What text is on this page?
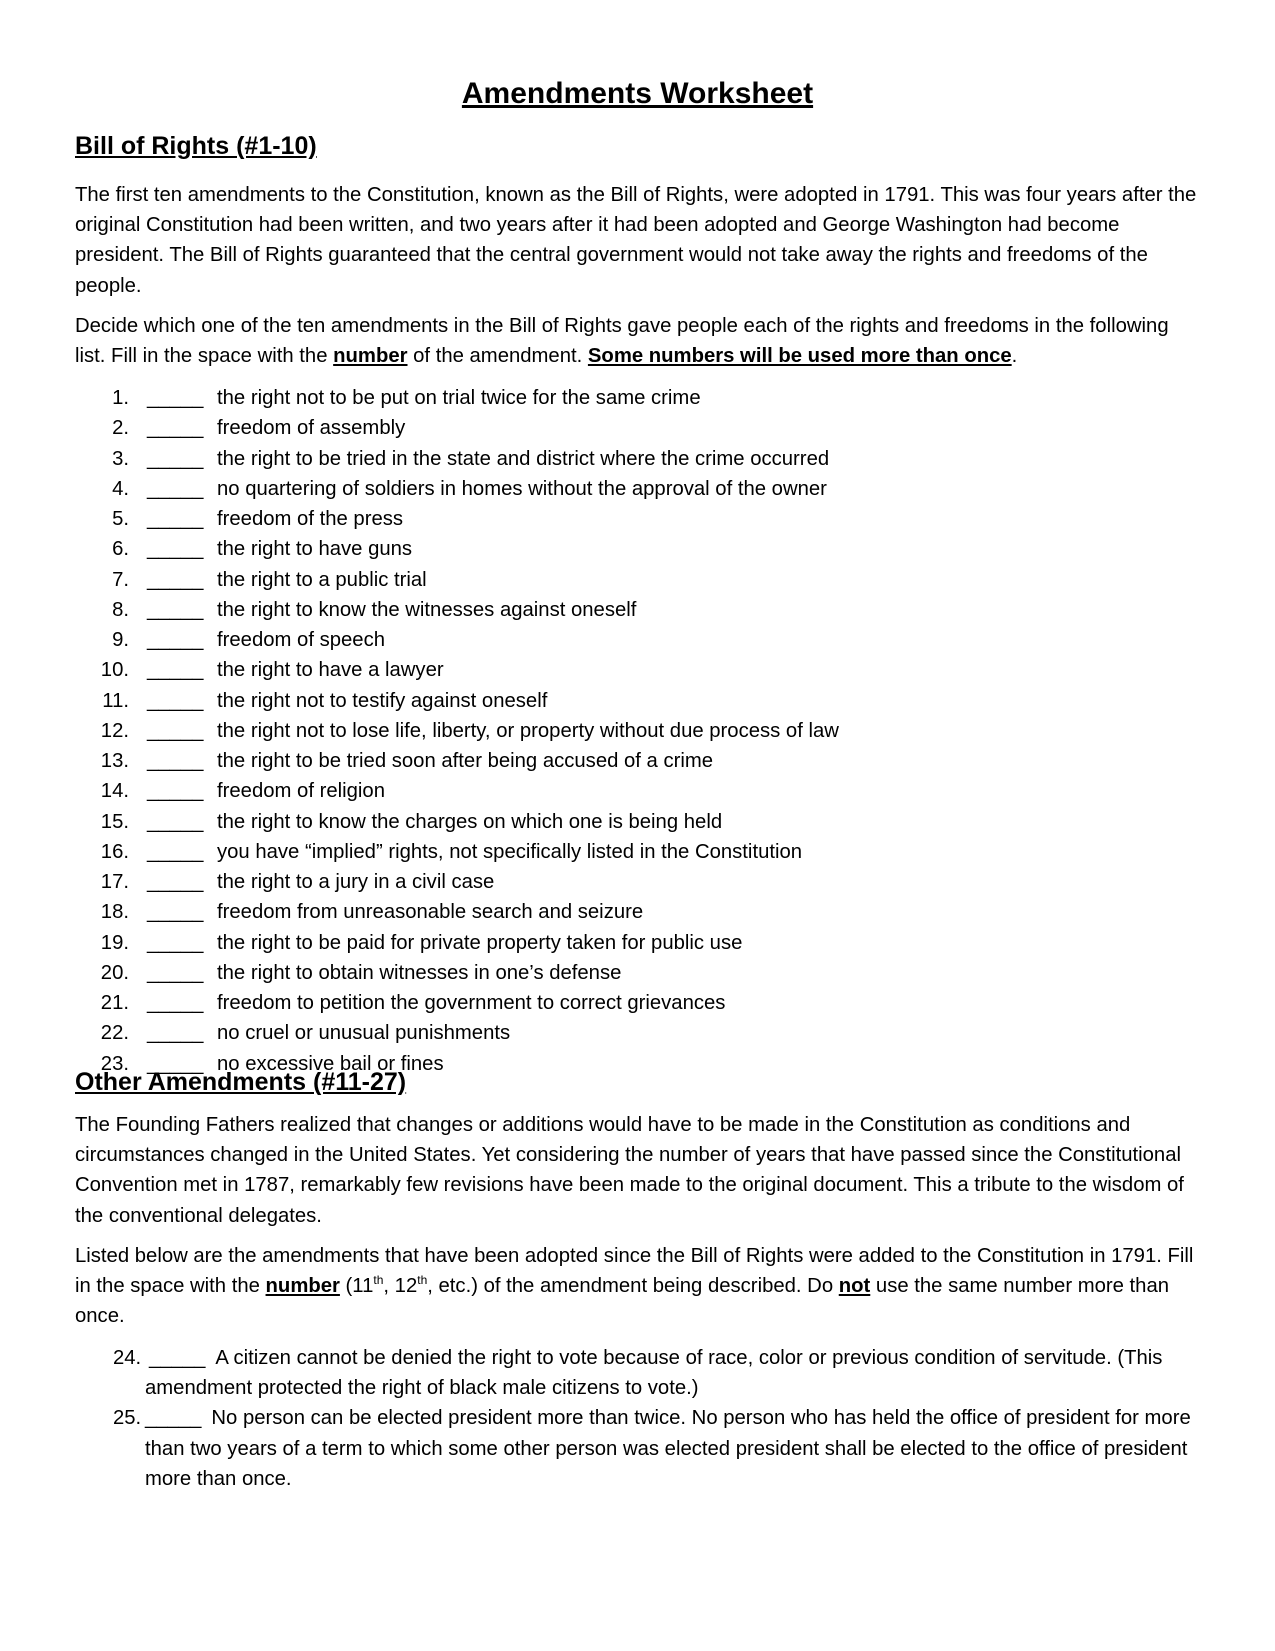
Amendments Worksheet
Bill of Rights (#1-10)

The first ten amendments to the Constitution, known as the Bill of Rights, were adopted in 1791. This was four years after the original Constitution had been written, and two years after it had been adopted and George Washington had become president. The Bill of Rights guaranteed that the central government would not take away the rights and freedoms of the people.

Decide which one of the ten amendments in the Bill of Rights gave people each of the rights and freedoms in the following list. Fill in the space with the number of the amendment. Some numbers will be used more than once.

1. _____ the right not to be put on trial twice for the same crime
2. _____ freedom of assembly
3. _____ the right to be tried in the state and district where the crime occurred
4. _____ no quartering of soldiers in homes without the approval of the owner
5. _____ freedom of the press
6. _____ the right to have guns
7. _____ the right to a public trial
8. _____ the right to know the witnesses against oneself
9. _____ freedom of speech
10. _____ the right to have a lawyer
11. _____ the right not to testify against oneself
12. _____ the right not to lose life, liberty, or property without due process of law
13. _____ the right to be tried soon after being accused of a crime
14. _____ freedom of religion
15. _____ the right to know the charges on which one is being held
16. _____ you have “implied” rights, not specifically listed in the Constitution
17. _____ the right to a jury in a civil case
18. _____ freedom from unreasonable search and seizure
19. _____ the right to be paid for private property taken for public use
20. _____ the right to obtain witnesses in one’s defense
21. _____ freedom to petition the government to correct grievances
22. _____ no cruel or unusual punishments
23. _____ no excessive bail or fines
Other Amendments (#11-27)

The Founding Fathers realized that changes or additions would have to be made in the Constitution as conditions and circumstances changed in the United States. Yet considering the number of years that have passed since the Constitutional Convention met in 1787, remarkably few revisions have been made to the original document. This a tribute to the wisdom of the conventional delegates.

Listed below are the amendments that have been adopted since the Bill of Rights were added to the Constitution in 1791. Fill in the space with the number (11th, 12th, etc.) of the amendment being described. Do not use the same number more than once.

24. _____ A citizen cannot be denied the right to vote because of race, color or previous condition of servitude. (This amendment protected the right of black male citizens to vote.)
25. _____ No person can be elected president more than twice. No person who has held the office of president for more than two years of a term to which some other person was elected president shall be elected to the office of president more than once.
